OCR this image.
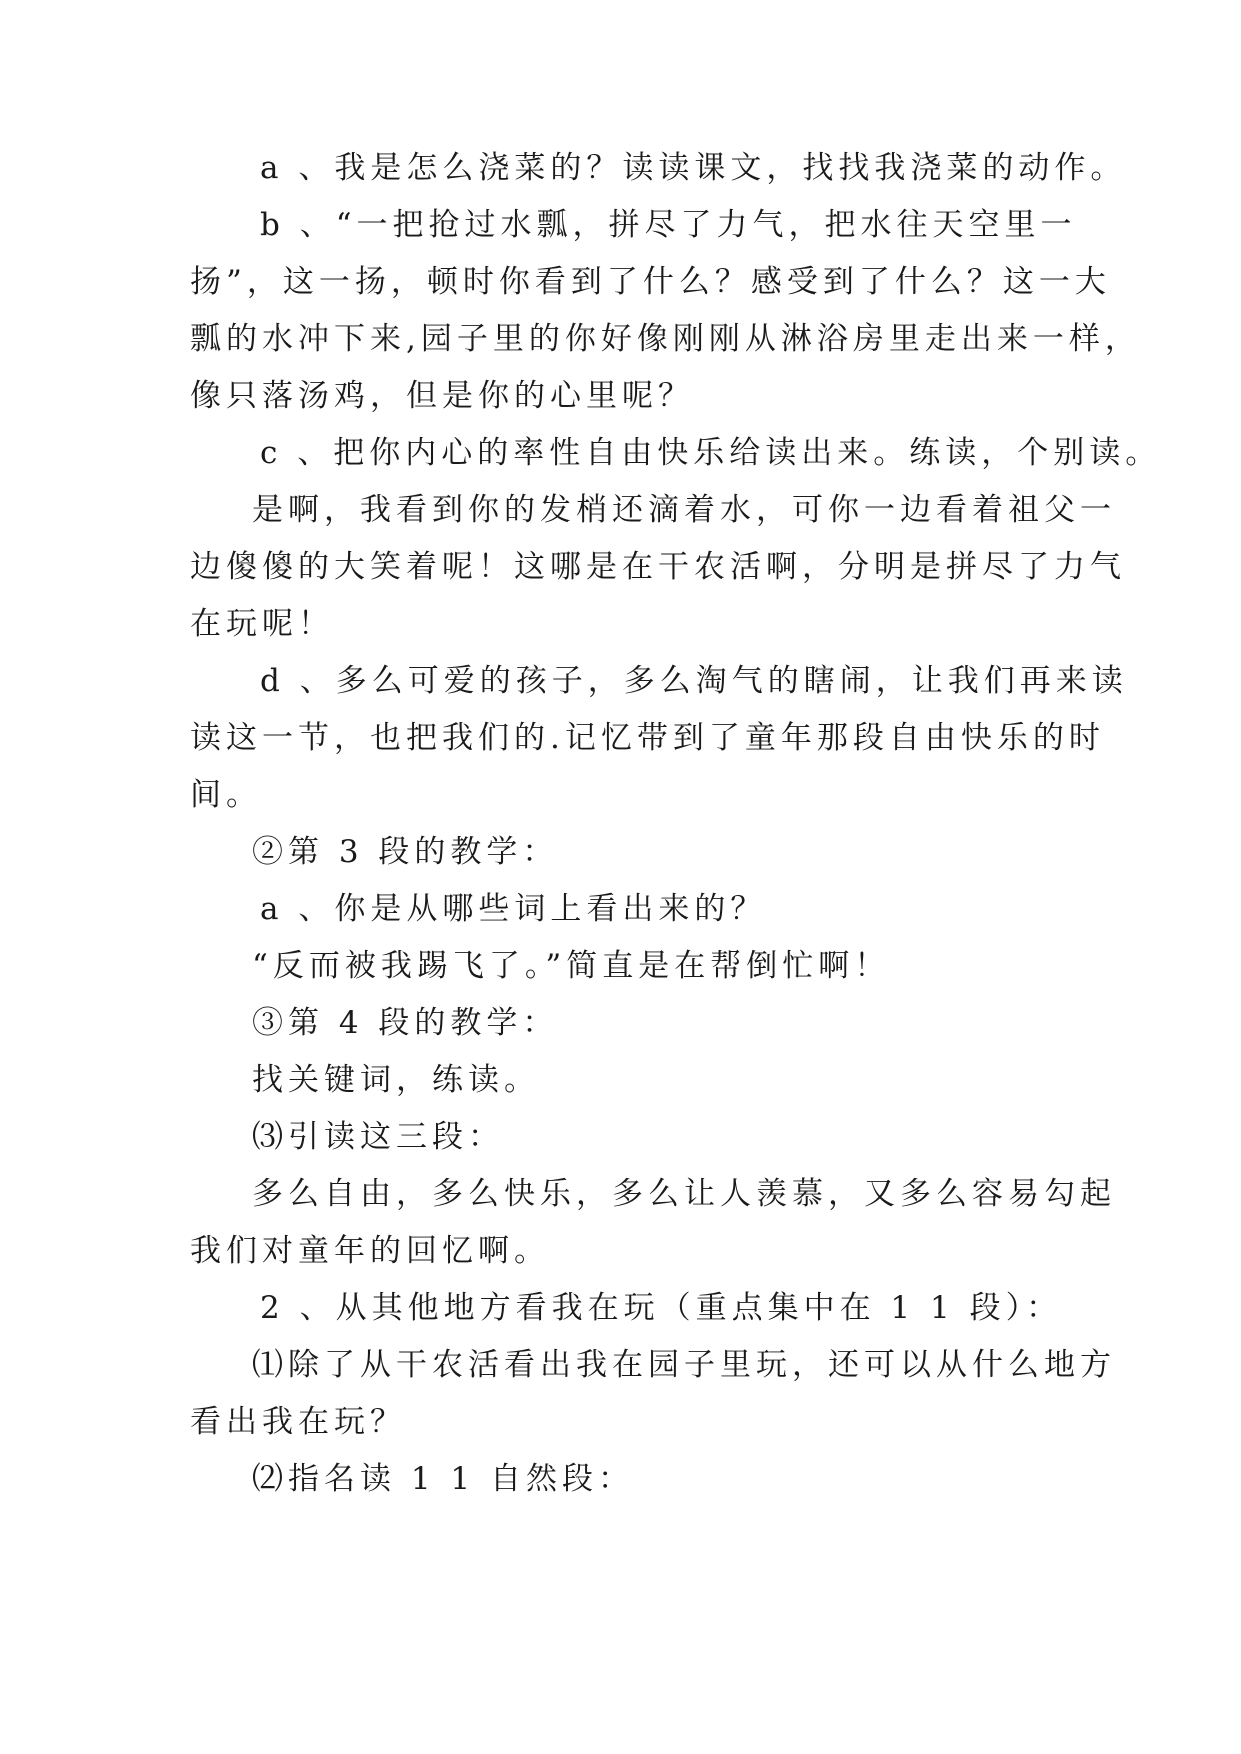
a 、我是怎么浇菜的？读读课文，找找我浇菜的动作。
b 、“一把抢过水瓢，拼尽了力气，把水往天空里一
扬”，这一扬，顿时你看到了什么？感受到了什么？这一大
瓢的水冲下来,园子里的你好像刚刚从淋浴房里走出来一样，
像只落汤鸡，但是你的心里呢？
c 、把你内心的率性自由快乐给读出来。练读，个别读。
是啊，我看到你的发梢还滴着水，可你一边看着祖父一
边傻傻的大笑着呢！这哪是在干农活啊，分明是拼尽了力气
在玩呢！
d 、多么可爱的孩子，多么淘气的瞎闹，让我们再来读
读这一节，也把我们的.记忆带到了童年那段自由快乐的时
间。
②第 3 段的教学：
a 、你是从哪些词上看出来的？
“反而被我踢飞了。”简直是在帮倒忙啊！
③第 4 段的教学：
找关键词，练读。
⑶引读这三段：
多么自由，多么快乐，多么让人羡慕，又多么容易勾起
我们对童年的回忆啊。
2 、从其他地方看我在玩（重点集中在 1 1 段）：
⑴除了从干农活看出我在园子里玩，还可以从什么地方
看出我在玩？
⑵指名读 1 1 自然段：
